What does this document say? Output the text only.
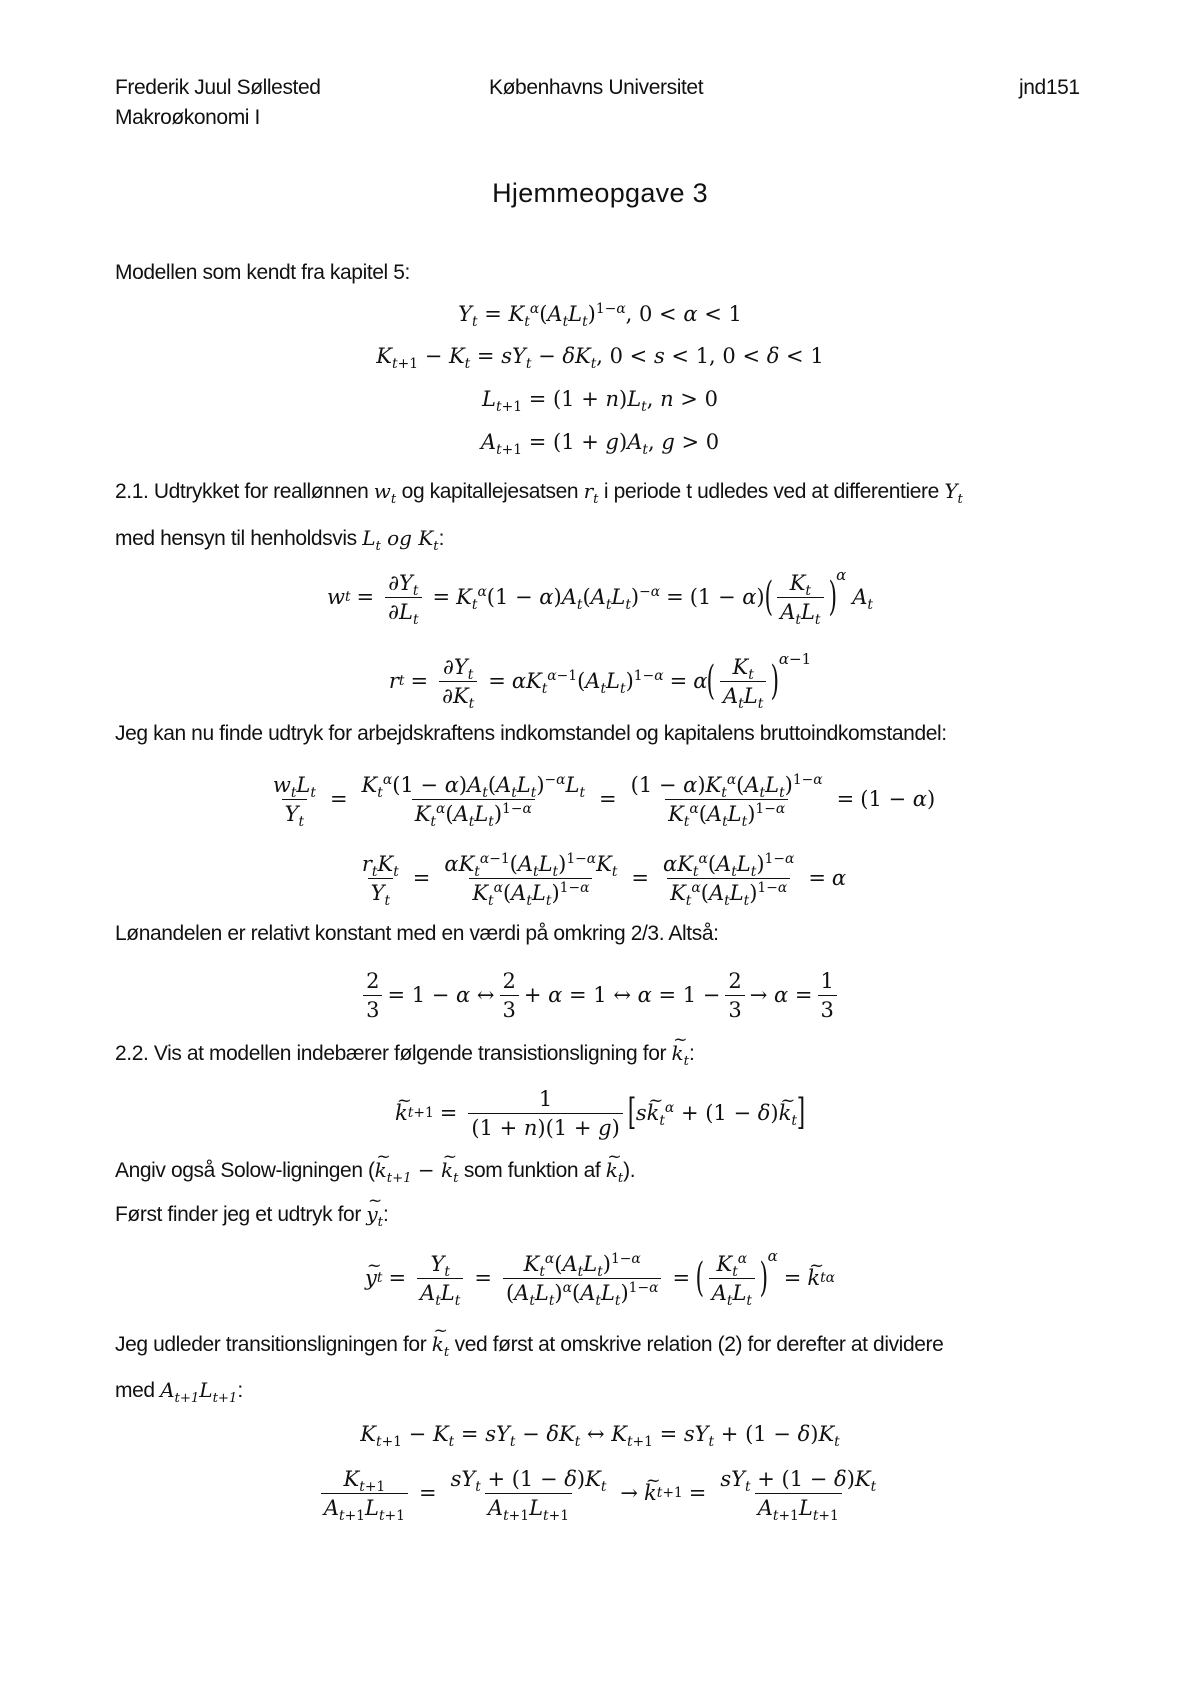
Frederik Juul Søllested
Makroøkonomi I
Københavns Universitet	jnd151
Hjemmeopgave 3
Modellen som kendt fra kapitel 5:
$Y_t = K_t^\alpha(A_tL_t)^{1-\alpha}$, 0 < α < 1
$K_{t+1} - K_t = sY_t - \delta K_t$, 0 < s < 1, 0 < δ < 1
$L_{t+1} = (1 + n)L_t$, n > 0
$A_{t+1} = (1 + g)A_t$, g > 0
2.1. Udtrykket for reallønnen $w_t$ og kapitallejesatsen $r_t$ i periode t udledes ved at differentiere $Y_t$
med hensyn til henholdsvis $L_t$ og $K_t$:
w $t = \frac{\partial Y_t}{\partial L_t} = K_t^\alpha(1 - \alpha)A_t(A_tL_t)^{-\alpha} = (1 - \alpha)$ ( $\frac{K_t}{A_tL_t} )^\alpha$
$A_t$
r $t = \frac{\partial Y_t}{\partial K_t} = \alpha K_t^{\alpha-1}(A_tL_t)^{1-\alpha} = \alpha$ ( $\frac{K_t}{A_tL_t}$ ) $^{\alpha-1}$
Jeg kan nu finde udtryk for arbejdskraftens indkomstandel og kapitalens bruttoindkomstandel:
$\frac{w_tL_t}{Y_t} = \frac{K_t^\alpha(1 - \alpha)A_t(A_tL_t)^{-\alpha}L_t}{K_t^\alpha(A_tL_t)^{1-\alpha}} = \frac{(1 - \alpha)K_t^\alpha(A_tL_t)^{1-\alpha}}{K_t^\alpha(A_tL_t)^{1-\alpha}} = (1 - \alpha)$
$\frac{r_tK_t}{Y_t} = \frac{\alpha K_t^{\alpha-1}(A_tL_t)^{1-\alpha}K_t}{K_t^\alpha(A_tL_t)^{1-\alpha}} = \frac{\alpha K_t^\alpha(A_tL_t)^{1-\alpha}}{K_t^\alpha(A_tL_t)^{1-\alpha}} = \alpha$
Lønandelen er relativt konstant med en værdi på omkring 2/3. Altså:
$\frac{2}{3} = 1 - \alpha$ ↔ $\frac{2}{3} + \alpha = 1$ ↔ $\alpha = 1 - \frac{2}{3} \to \alpha = \frac{1}{3}$
2.2. Vis at modellen indebærer følgende transistionsligning for ~ $k_t$:
~ k $t+1 = \frac{1}{(1 + n)(1 + g)}$ [ s~ $k_t^\alpha + (1$ − δ)~ $k_t$ ]
Angiv også Solow-ligningen (~ $k_{t+1}$ − ~ $k_t$ som funktion af ~ $k_t$).
Først finder jeg et udtryk for ~ $y_t$:
~ y $t = \frac{Y_t}{A_tL_t} = \frac{K_t^\alpha(A_tL_t)^{1-\alpha}}{(A_tL_t)^\alpha(A_tL_t)^{1-\alpha}}$ = ( $\frac{K_t^\alpha}{A_tL_t} )^\alpha$
= ~ k t α
Jeg udleder transitionsligningen for ~ $k_t$ ved først at omskrive relation (2) for derefter at dividere
med $A_{t+1}L_{t+1}$:
$K_{t+1} - K_t = sY_t - \delta K_t$ ↔ $K_{t+1} = sY_t + (1 - \delta)K_t$
$\frac{K_{t+1}}{A_{t+1}L_{t+1}} = \frac{sY_t + (1 - \delta)K_t}{A_{t+1}L_{t+1}}$ → ~ k $t+1 = \frac{sY_t + (1 - \delta)K_t}{A_{t+1}L_{t+1}}$
